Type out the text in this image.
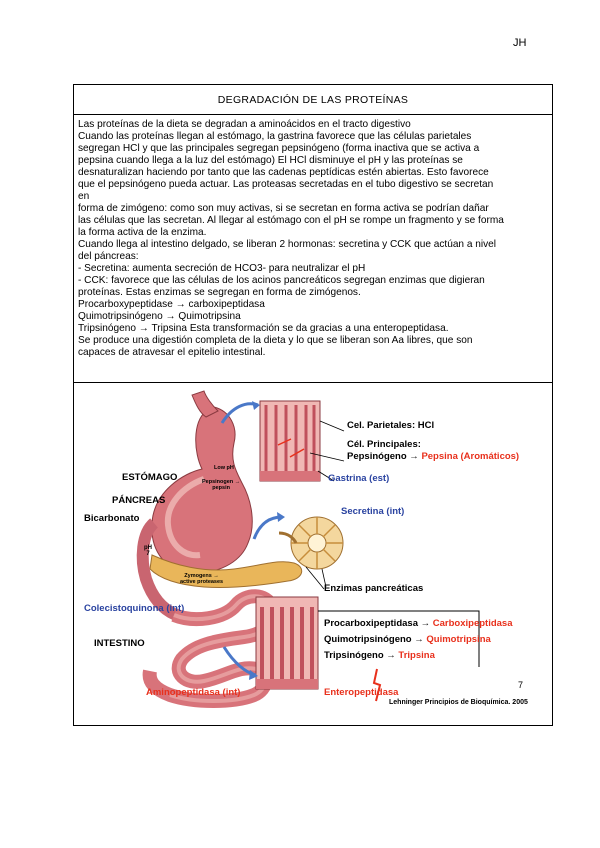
JH
DEGRADACIÓN DE LAS PROTEÍNAS

Las proteínas de la dieta se degradan a aminoácidos en el tracto digestivo

Cuando las proteínas llegan al estómago, la gastrina favorece que las células parietales

segregan HCl y que las principales segregan pepsinógeno (forma inactiva que se activa a

pepsina cuando llega a la luz del estómago) El HCl disminuye el pH y las proteínas se

desnaturalizan haciendo por tanto que las cadenas peptídicas estén abiertas. Esto favorece

que el pepsinógeno pueda actuar. Las proteasas secretadas en el tubo digestivo se secretan

en

forma de zimógeno: como son muy activas, si se secretan en forma activa se podrían dañar

las células que las secretan. Al llegar al estómago con el pH se rompe un fragmento y se forma

la forma activa de la enzima.

Cuando llega al intestino delgado, se liberan 2 hormonas: secretina y CCK que actúan a nivel

del páncreas:

- Secretina: aumenta secreción de HCO3- para neutralizar el pH

- CCK: favorece que las células de los acinos pancreáticos segregan enzimas que digieran

proteínas. Estas enzimas se segregan en forma de zimógenos.

Procarboxypeptidase → carboxipeptidasa

Quimotripsinógeno → Quimotripsina

Tripsinógeno → Tripsina Esta transformación se da gracias a una enteropeptidasa.

Se produce una digestión completa de la dieta y lo que se liberan son Aa libres, que son

capaces de atravesar el epitelio intestinal.

Cel. Parietales: HCl
Cél. Principales:
Pepsinógeno → Pepsina (Aromáticos)
Gastrina (est)
ESTÓMAGO
Low pH
Pepsinogen →
pepsin
PÁNCREAS
Bicarbonato
pH
7
Secretina (int)
Zymogens →
active proteases
Enzimas pancreáticas
Colecistoquinona (int)
INTESTINO
Procarboxipeptidasa → Carboxipeptidasa
Quimotripsinógeno → Quimotripsina
Tripsinógeno → Tripsina
Aminopeptidasa (int)	Enteropeptidasa
7
Lehninger Principios de Bioquímica. 2005
